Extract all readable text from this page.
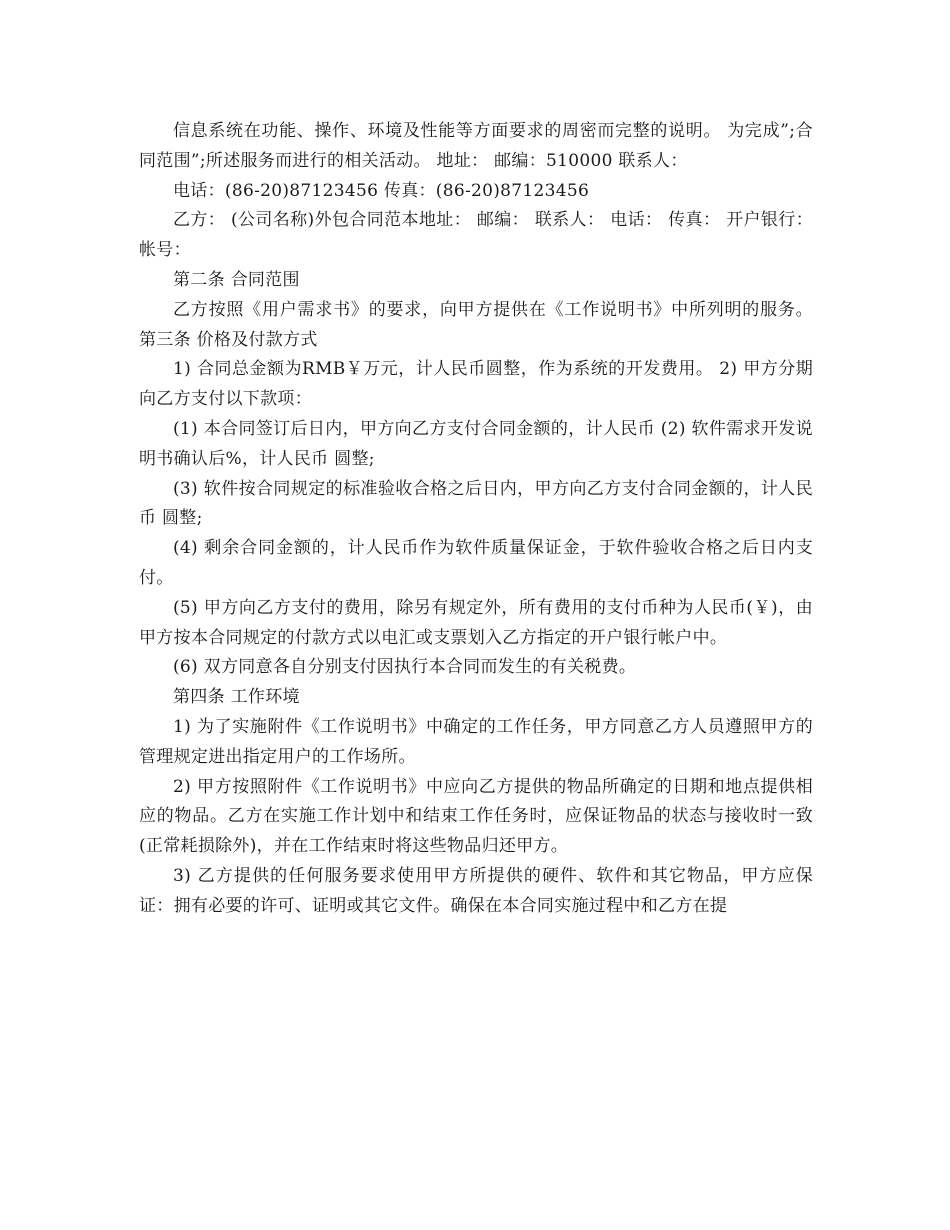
信息系统在功能、操作、环境及性能等方面要求的周密而完整的说明。 为完成”;合同范围”;所述服务而进行的相关活动。 地址： 邮编：510000 联系人：

电话：(86-20)87123456 传真：(86-20)87123456

乙方： (公司名称)外包合同范本地址： 邮编： 联系人： 电话： 传真： 开户银行： 帐号：

第二条 合同范围

乙方按照《用户需求书》的要求，向甲方提供在《工作说明书》中所列明的服务。 第三条 价格及付款方式

1) 合同总金额为RMB￥万元，计人民币圆整，作为系统的开发费用。 2) 甲方分期向乙方支付以下款项：

(1) 本合同签订后日内，甲方向乙方支付合同金额的，计人民币 (2) 软件需求开发说明书确认后%，计人民币 圆整;

(3) 软件按合同规定的标准验收合格之后日内，甲方向乙方支付合同金额的，计人民币 圆整;

(4) 剩余合同金额的，计人民币作为软件质量保证金，于软件验收合格之后日内支付。

(5) 甲方向乙方支付的费用，除另有规定外，所有费用的支付币种为人民币(￥)，由甲方按本合同规定的付款方式以电汇或支票划入乙方指定的开户银行帐户中。

(6) 双方同意各自分别支付因执行本合同而发生的有关税费。

第四条 工作环境

1) 为了实施附件《工作说明书》中确定的工作任务，甲方同意乙方人员遵照甲方的管理规定进出指定用户的工作场所。

2) 甲方按照附件《工作说明书》中应向乙方提供的物品所确定的日期和地点提供相应的物品。乙方在实施工作计划中和结束工作任务时，应保证物品的状态与接收时一致(正常耗损除外)，并在工作结束时将这些物品归还甲方。

3) 乙方提供的任何服务要求使用甲方所提供的硬件、软件和其它物品，甲方应保证：拥有必要的许可、证明或其它文件。确保在本合同实施过程中和乙方在提
